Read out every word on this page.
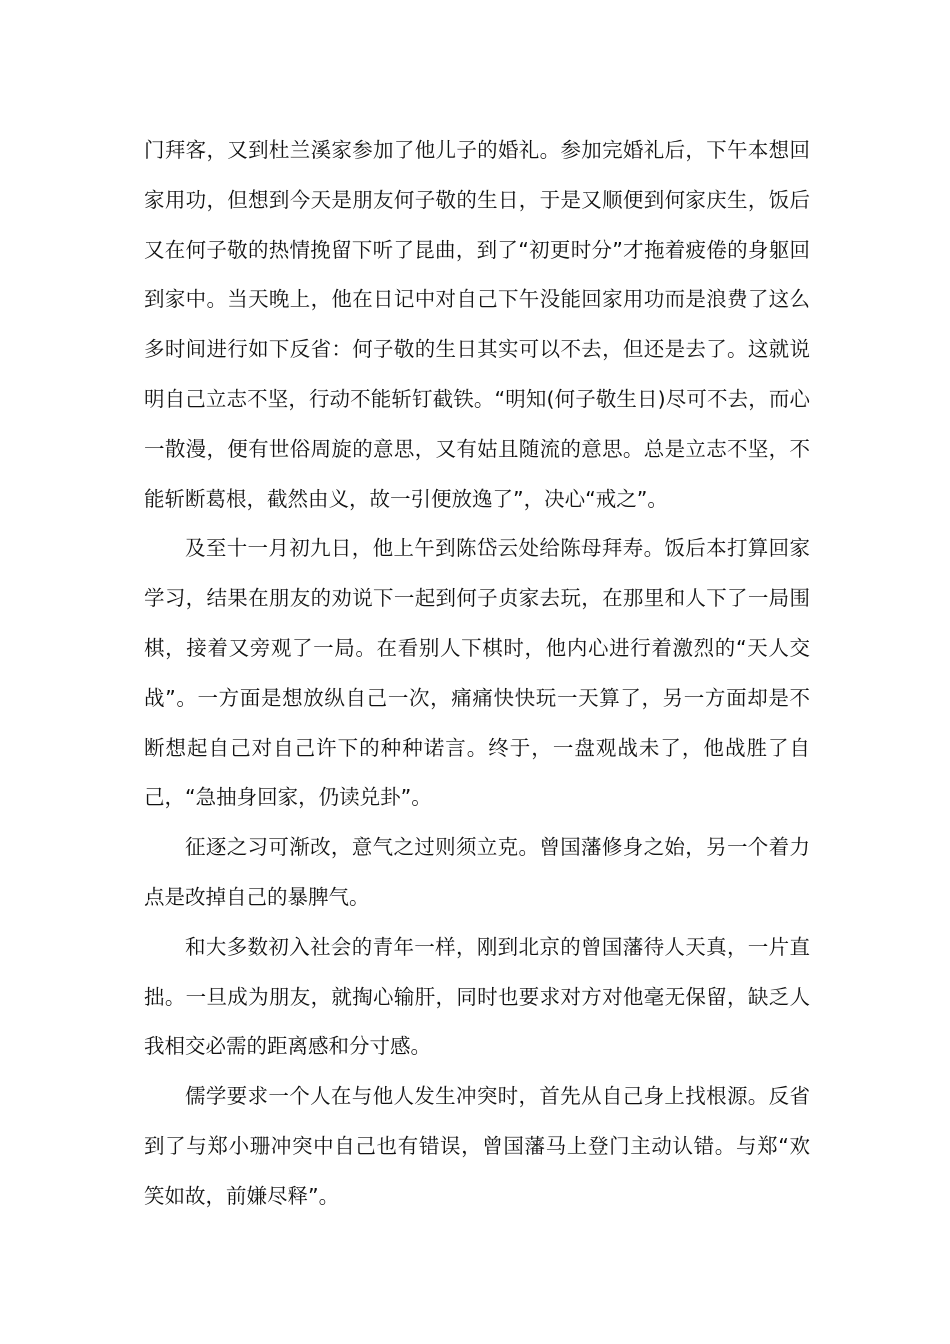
门拜客，又到杜兰溪家参加了他儿子的婚礼。参加完婚礼后，下午本想回家用功，但想到今天是朋友何子敬的生日，于是又顺便到何家庆生，饭后又在何子敬的热情挽留下听了昆曲，到了“初更时分”才拖着疲倦的身躯回到家中。当天晚上，他在日记中对自己下午没能回家用功而是浪费了这么多时间进行如下反省：何子敬的生日其实可以不去，但还是去了。这就说明自己立志不坚，行动不能斩钉截铁。“明知(何子敬生日)尽可不去，而心一散漫，便有世俗周旋的意思，又有姑且随流的意思。总是立志不坚，不能斩断葛根，截然由义，故一引便放逸了”，决心“戒之”。

及至十一月初九日，他上午到陈岱云处给陈母拜寿。饭后本打算回家学习，结果在朋友的劝说下一起到何子贞家去玩，在那里和人下了一局围棋，接着又旁观了一局。在看别人下棋时，他内心进行着激烈的“天人交战”。一方面是想放纵自己一次，痛痛快快玩一天算了，另一方面却是不断想起自己对自己许下的种种诺言。终于，一盘观战未了，他战胜了自己，“急抽身回家，仍读兑卦”。

征逐之习可渐改，意气之过则须立克。曾国藩修身之始，另一个着力点是改掉自己的暴脾气。

和大多数初入社会的青年一样，刚到北京的曾国藩待人天真，一片直拙。一旦成为朋友，就掏心输肝，同时也要求对方对他毫无保留，缺乏人我相交必需的距离感和分寸感。

儒学要求一个人在与他人发生冲突时，首先从自己身上找根源。反省到了与郑小珊冲突中自己也有错误，曾国藩马上登门主动认错。与郑“欢笑如故，前嫌尽释”。
